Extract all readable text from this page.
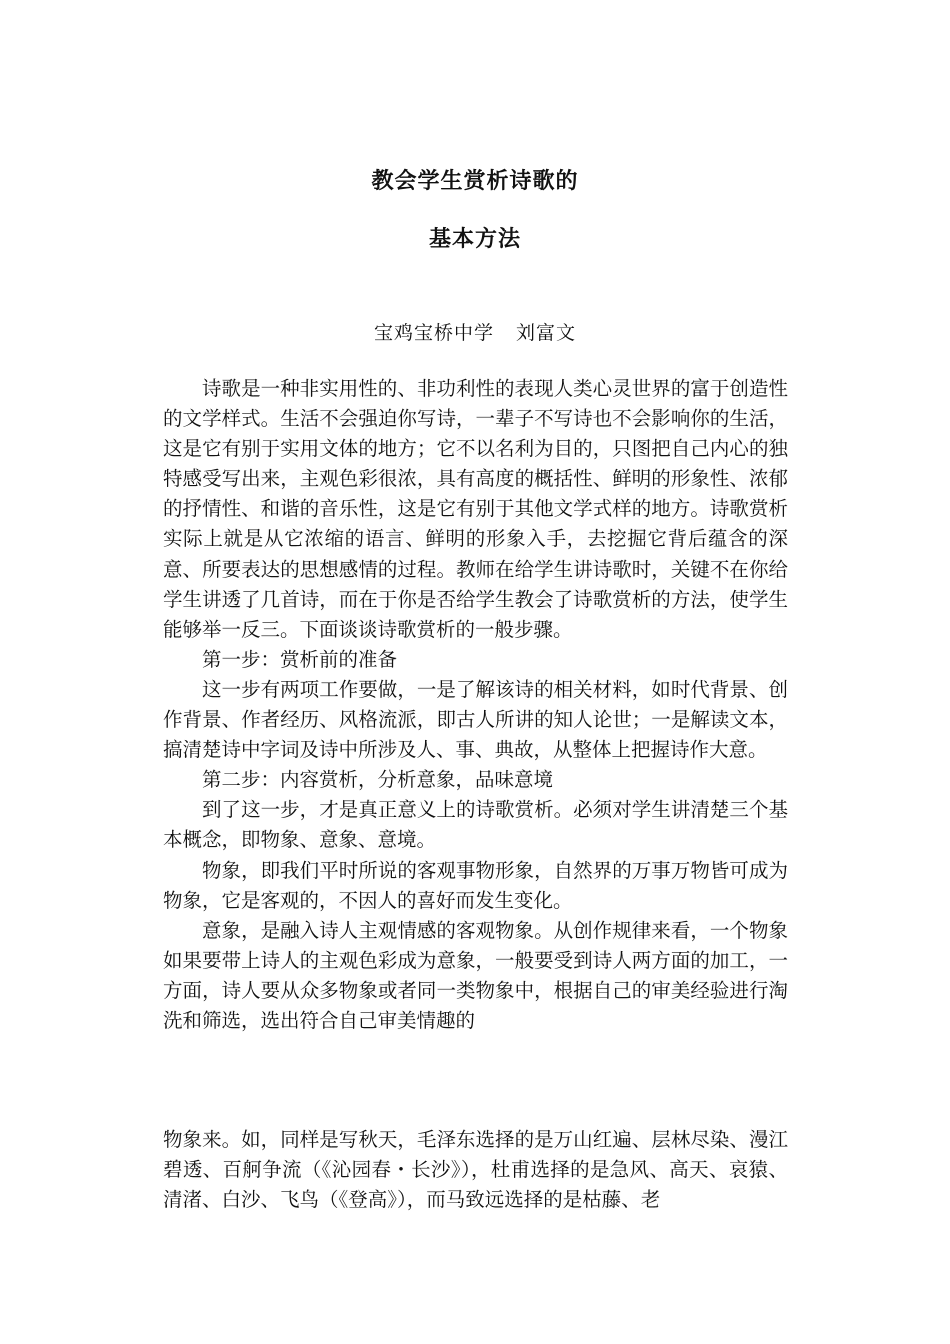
教会学生赏析诗歌的
基本方法
宝鸡宝桥中学 刘富文

诗歌是一种非实用性的、非功利性的表现人类心灵世界的富于创造性的文学样式。生活不会强迫你写诗，一辈子不写诗也不会影响你的生活，这是它有别于实用文体的地方；它不以名利为目的，只图把自己内心的独特感受写出来，主观色彩很浓，具有高度的概括性、鲜明的形象性、浓郁的抒情性、和谐的音乐性，这是它有别于其他文学式样的地方。诗歌赏析实际上就是从它浓缩的语言、鲜明的形象入手，去挖掘它背后蕴含的深意、所要表达的思想感情的过程。教师在给学生讲诗歌时，关键不在你给学生讲透了几首诗，而在于你是否给学生教会了诗歌赏析的方法，使学生能够举一反三。下面谈谈诗歌赏析的一般步骤。

第一步：赏析前的准备

这一步有两项工作要做，一是了解该诗的相关材料，如时代背景、创作背景、作者经历、风格流派，即古人所讲的知人论世；一是解读文本，搞清楚诗中字词及诗中所涉及人、事、典故，从整体上把握诗作大意。

第二步：内容赏析，分析意象，品味意境

到了这一步，才是真正意义上的诗歌赏析。必须对学生讲清楚三个基本概念，即物象、意象、意境。

物象，即我们平时所说的客观事物形象，自然界的万事万物皆可成为物象，它是客观的，不因人的喜好而发生变化。

意象，是融入诗人主观情感的客观物象。从创作规律来看，一个物象如果要带上诗人的主观色彩成为意象，一般要受到诗人两方面的加工，一方面，诗人要从众多物象或者同一类物象中，根据自己的审美经验进行淘洗和筛选，选出符合自己审美情趣的

物象来。如，同样是写秋天，毛泽东选择的是万山红遍、层林尽染、漫江碧透、百舸争流（《沁园春・长沙》），杜甫选择的是急风、高天、哀猿、清渚、白沙、飞鸟（《登高》），而马致远选择的是枯藤、老
